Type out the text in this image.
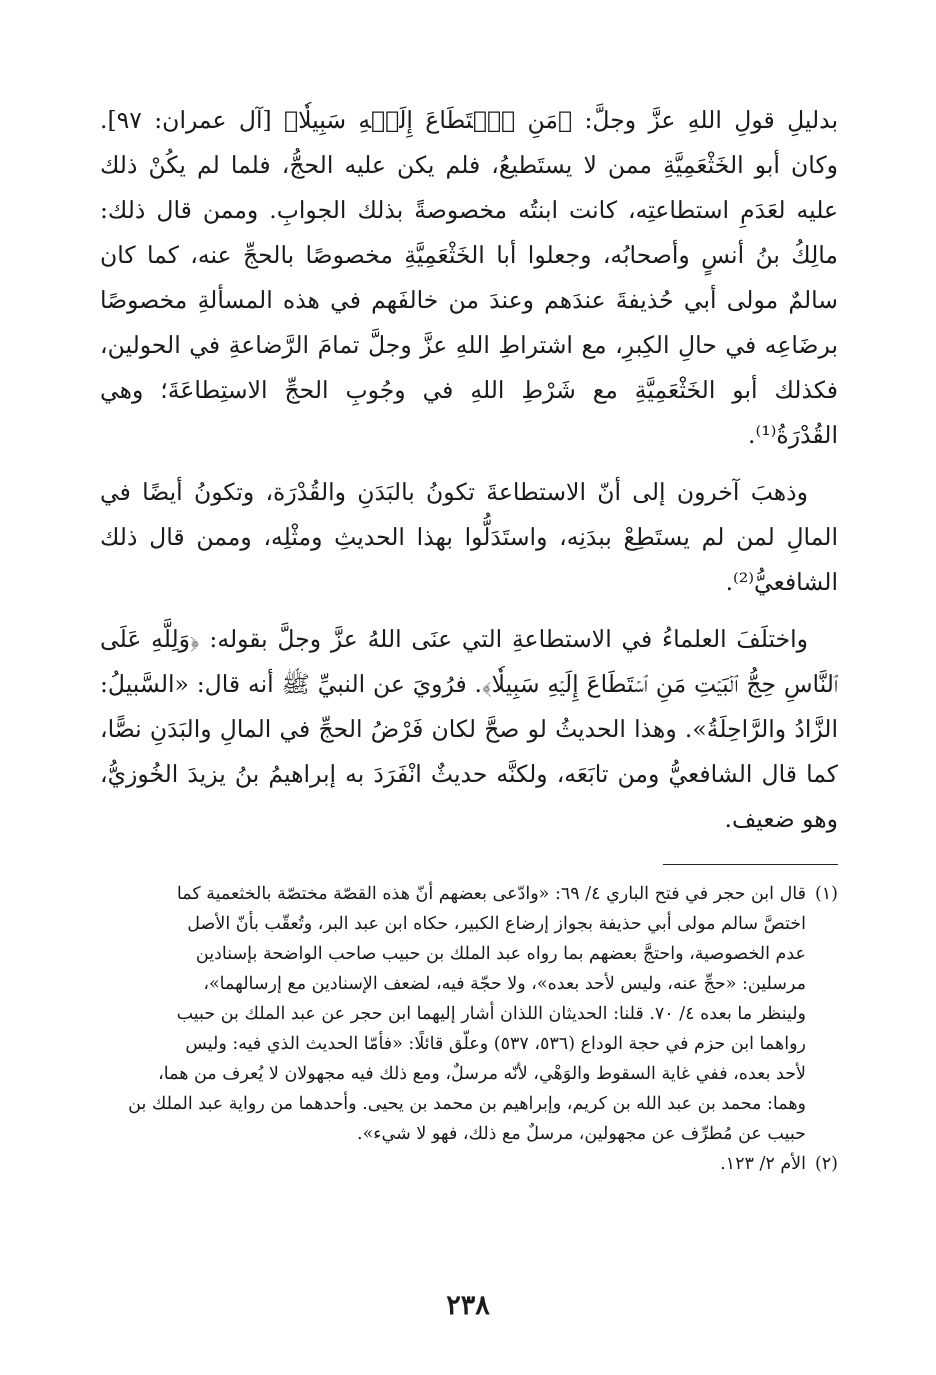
بدليلِ قولِ اللهِ عزَّ وجلَّ: ﴿مَنِ ٱسۡتَطَاعَ إِلَيۡهِ سَبِيلٗا﴾ [آل عمران: ٩٧]. وكان أبو الخَثْعَمِيَّةِ ممن لا يستَطيعُ، فلم يكن عليه الحجُّ، فلما لم يكُنْ ذلك عليه لعَدَمِ استطاعتِه، كانت ابنتُه مخصوصةً بذلك الجوابِ. وممن قال ذلك: مالِكُ بنُ أنسٍ وأصحابُه، وجعلوا أبا الخَثْعَمِيَّةِ مخصوصًا بالحجِّ عنه، كما كان سالمٌ مولى أبي حُذيفةَ عندَهم وعندَ من خالفَهم في هذه المسألةِ مخصوصًا برضَاعِه في حالِ الكِبرِ، مع اشتراطِ اللهِ عزَّ وجلَّ تمامَ الرَّضاعةِ في الحولين، فكذلك أبو الخَثْعَمِيَّةِ مع شَرْطِ اللهِ في وجُوبِ الحجِّ الاستِطاعَةَ؛ وهي القُدْرَةُ⁽¹⁾.

وذهبَ آخرون إلى أنّ الاستطاعةَ تكونُ بالبَدَنِ والقُدْرَة، وتكونُ أيضًا في المالِ لمن لم يستَطِعْ ببدَنِه، واستَدَلُّوا بهذا الحديثِ ومثْلِه، وممن قال ذلك الشافعيُّ⁽²⁾.

واختلَفَ العلماءُ في الاستطاعةِ التي عنَى اللهُ عزَّ وجلَّ بقوله: ﴿وَلِلَّهِ عَلَى ٱلنَّاسِ حِجُّ ٱلۡبَيۡتِ مَنِ ٱسۡتَطَاعَ إِلَيۡهِ سَبِيلٗا﴾. فرُويَ عن النبيِّ ﷺ أنه قال: «السَّبيلُ: الزَّادُ والرَّاحِلَةُ». وهذا الحديثُ لو صحَّ لكان فَرْضُ الحجِّ في المالِ والبَدَنِ نصًّا، كما قال الشافعيُّ ومن تابَعَه، ولكنَّه حديثٌ انْفَرَدَ به إبراهيمُ بنُ يزيدَ الخُوزيُّ، وهو ضعيف.

(١)
قال ابن حجر في فتح الباري ٤/ ٦٩: «وادّعى بعضهم أنّ هذه القصّة مختصّة بالخثعمية كما
اختصَّ سالم مولى أبي حذيفة بجواز إرضاع الكبير، حكاه ابن عبد البر، وتُعقّب بأنّ الأصل
عدم الخصوصية، واحتجَّ بعضهم بما رواه عبد الملك بن حبيب صاحب الواضحة بإسنادين
مرسلين: «حجِّ عنه، وليس لأحد بعده»، ولا حجّة فيه، لضعف الإسنادين مع إرسالهما»،
ولينظر ما بعده ٤/ ٧٠. قلنا: الحديثان اللذان أشار إليهما ابن حجر عن عبد الملك بن حبيب
رواهما ابن حزم في حجة الوداع (٥٣٦، ٥٣٧) وعلّق قائلًا: «فأمّا الحديث الذي فيه: وليس
لأحد بعده، ففي غاية السقوط والوَهْي، لأنّه مرسلٌ، ومع ذلك فيه مجهولان لا يُعرف من هما،
وهما: محمد بن عبد الله بن كريم، وإبراهيم بن محمد بن يحيى. وأحدهما من رواية عبد الملك بن
حبيب عن مُطرِّف عن مجهولين، مرسلٌ مع ذلك، فهو لا شيء».
(٢)
الأم ٢/ ١٢٣.
٢٣٨
